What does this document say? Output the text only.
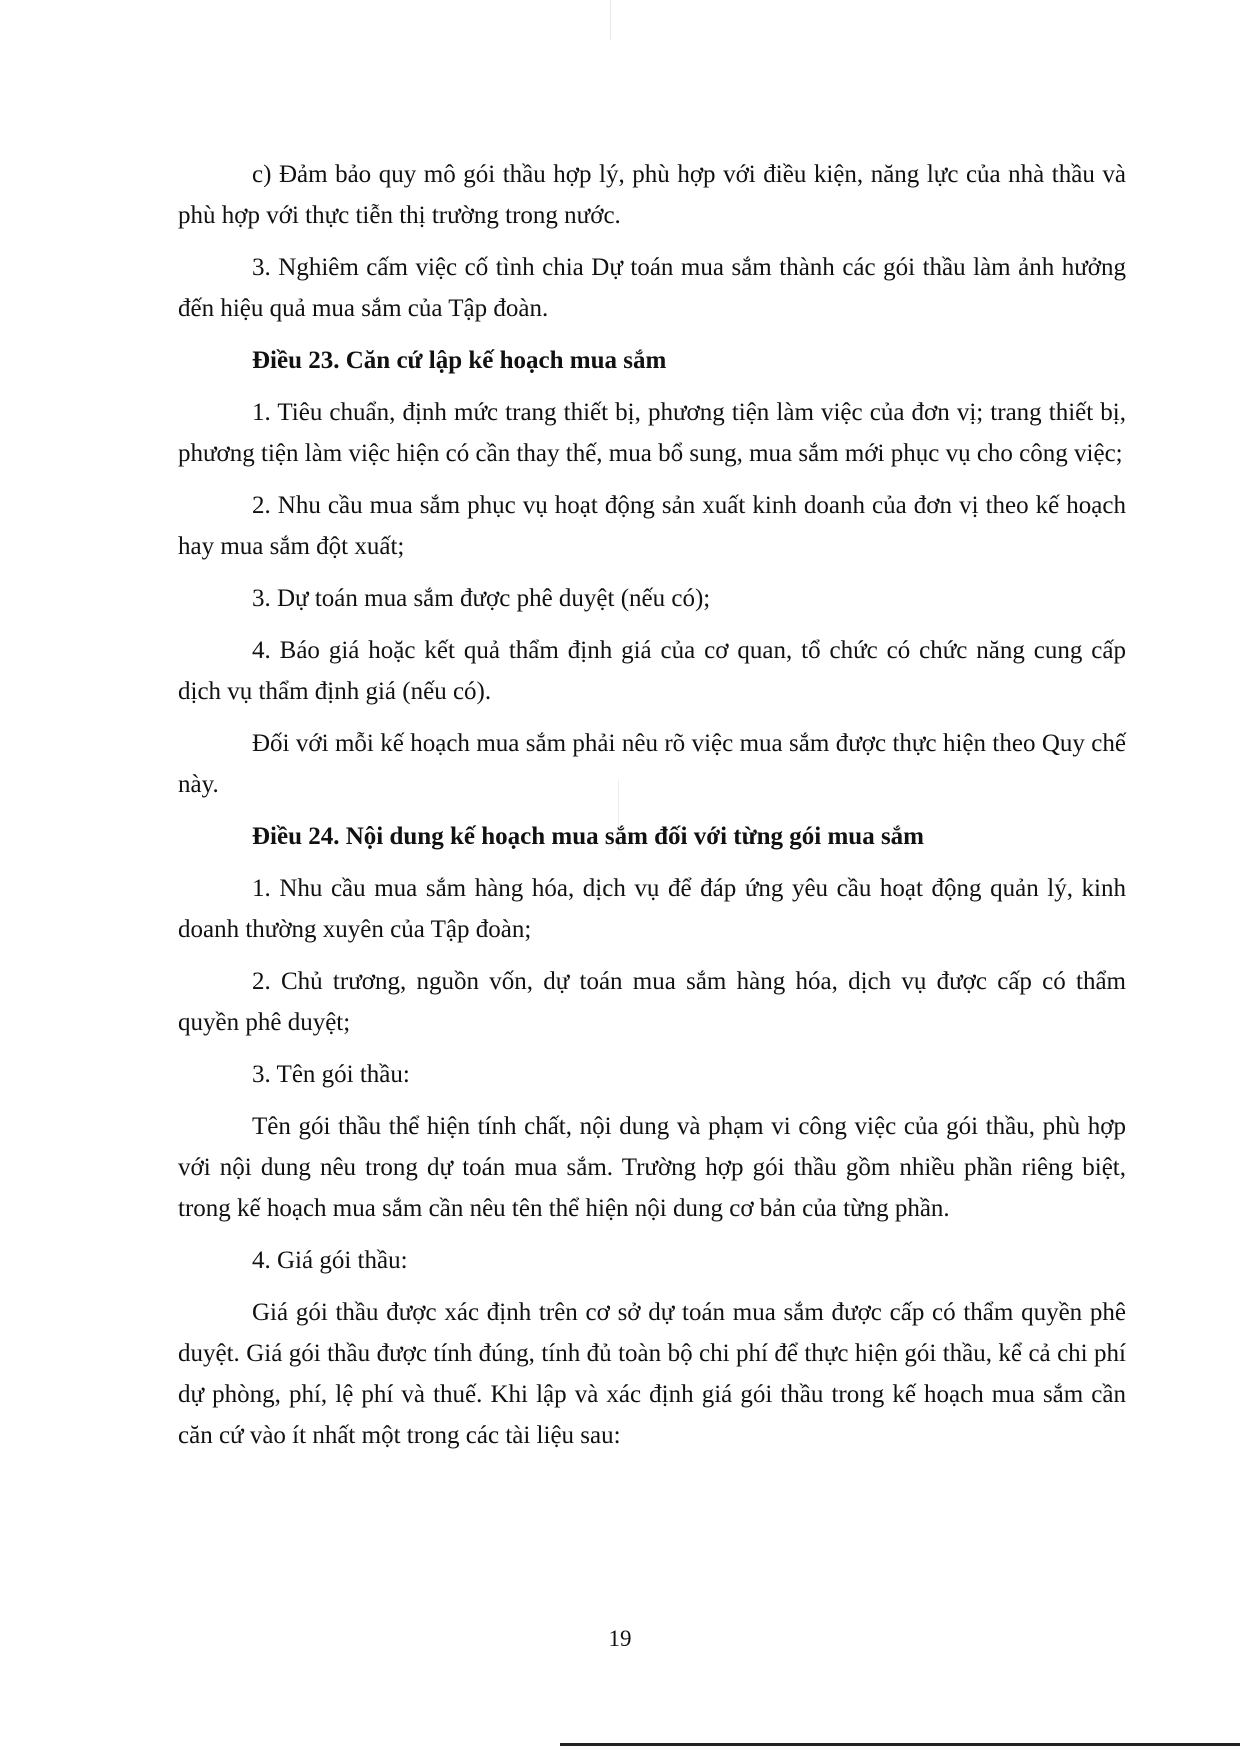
c) Đảm bảo quy mô gói thầu hợp lý, phù hợp với điều kiện, năng lực của nhà thầu và phù hợp với thực tiễn thị trường trong nước.

3. Nghiêm cấm việc cố tình chia Dự toán mua sắm thành các gói thầu làm ảnh hưởng đến hiệu quả mua sắm của Tập đoàn.

Điều 23. Căn cứ lập kế hoạch mua sắm

1. Tiêu chuẩn, định mức trang thiết bị, phương tiện làm việc của đơn vị; trang thiết bị, phương tiện làm việc hiện có cần thay thế, mua bổ sung, mua sắm mới phục vụ cho công việc;

2. Nhu cầu mua sắm phục vụ hoạt động sản xuất kinh doanh của đơn vị theo kế hoạch hay mua sắm đột xuất;

3. Dự toán mua sắm được phê duyệt (nếu có);

4. Báo giá hoặc kết quả thẩm định giá của cơ quan, tổ chức có chức năng cung cấp dịch vụ thẩm định giá (nếu có).

Đối với mỗi kế hoạch mua sắm phải nêu rõ việc mua sắm được thực hiện theo Quy chế này.

Điều 24. Nội dung kế hoạch mua sắm đối với từng gói mua sắm

1. Nhu cầu mua sắm hàng hóa, dịch vụ để đáp ứng yêu cầu hoạt động quản lý, kinh doanh thường xuyên của Tập đoàn;

2. Chủ trương, nguồn vốn, dự toán mua sắm hàng hóa, dịch vụ được cấp có thẩm quyền phê duyệt;

3. Tên gói thầu:

Tên gói thầu thể hiện tính chất, nội dung và phạm vi công việc của gói thầu, phù hợp với nội dung nêu trong dự toán mua sắm. Trường hợp gói thầu gồm nhiều phần riêng biệt, trong kế hoạch mua sắm cần nêu tên thể hiện nội dung cơ bản của từng phần.

4. Giá gói thầu:

Giá gói thầu được xác định trên cơ sở dự toán mua sắm được cấp có thẩm quyền phê duyệt. Giá gói thầu được tính đúng, tính đủ toàn bộ chi phí để thực hiện gói thầu, kể cả chi phí dự phòng, phí, lệ phí và thuế. Khi lập và xác định giá gói thầu trong kế hoạch mua sắm cần căn cứ vào ít nhất một trong các tài liệu sau:

19
